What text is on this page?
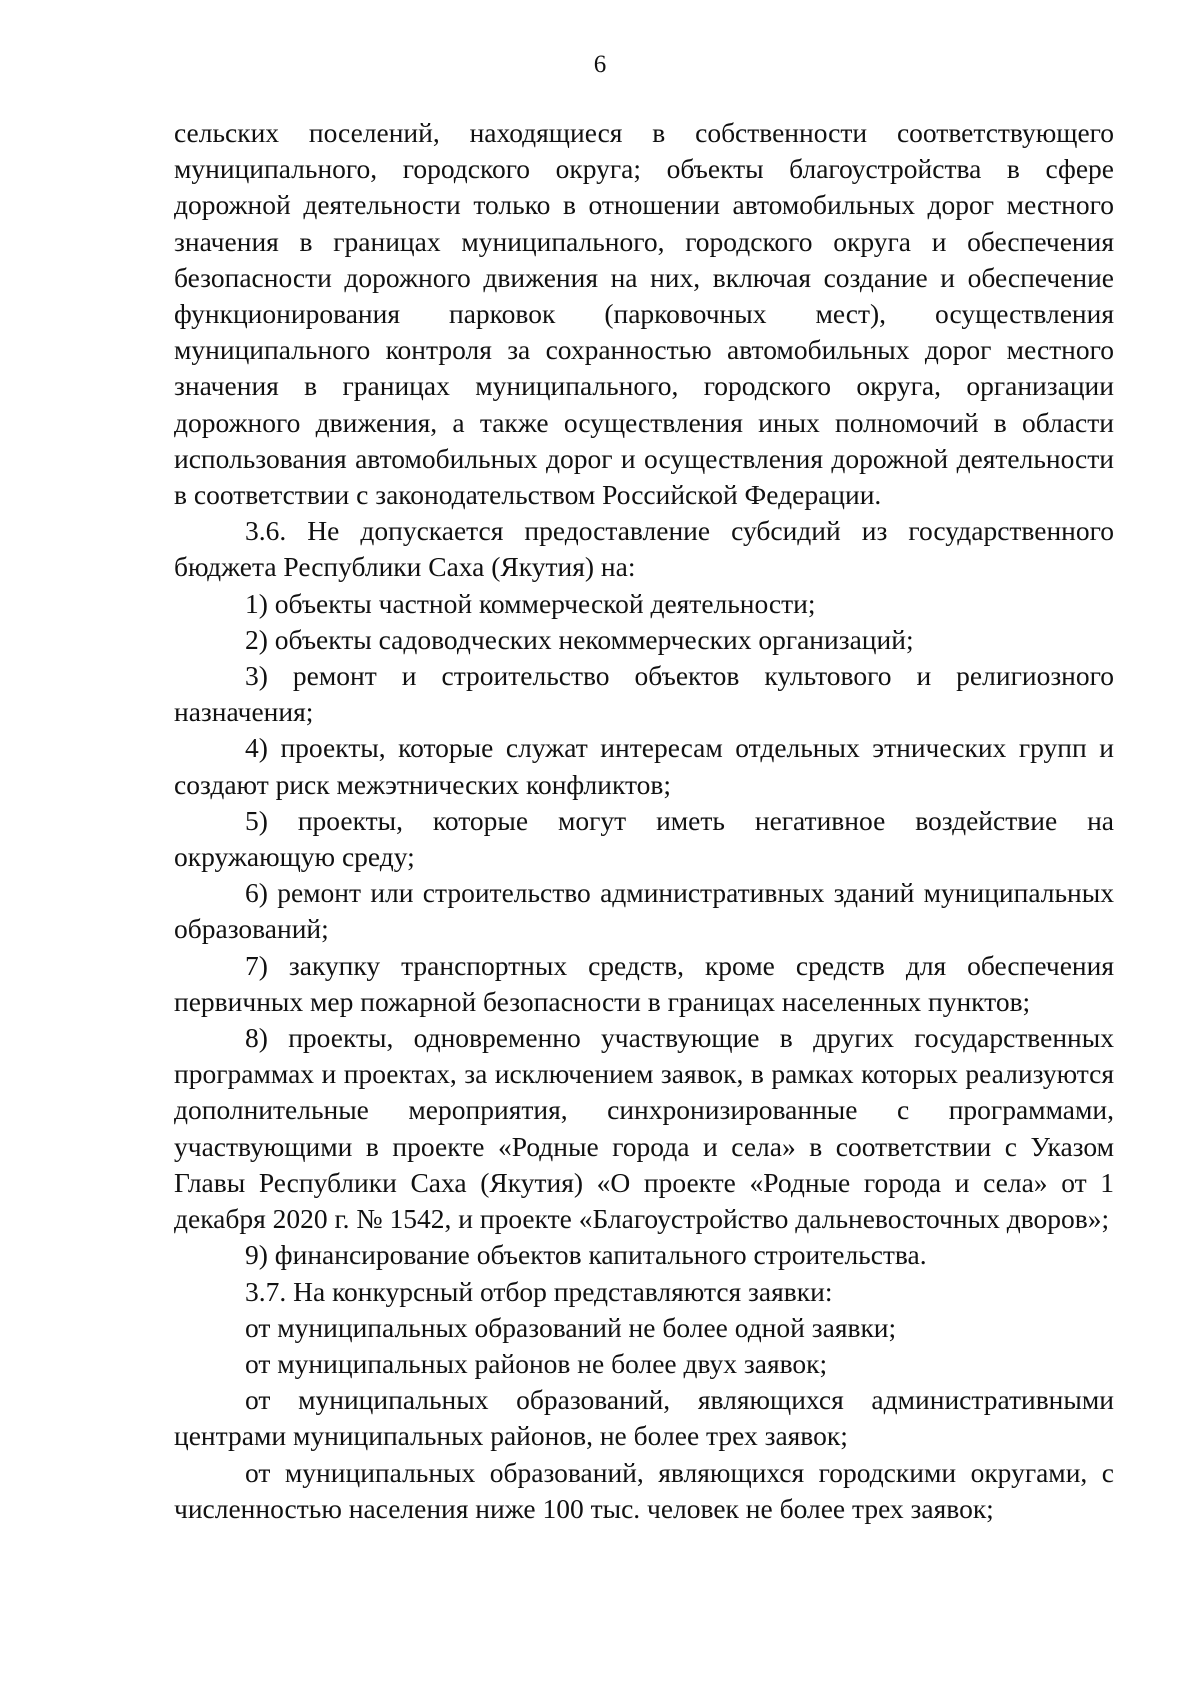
6

сельских поселений, находящиеся в собственности соответствующего муниципального, городского округа; объекты благоустройства в сфере дорожной деятельности только в отношении автомобильных дорог местного значения в границах муниципального, городского округа и обеспечения безопасности дорожного движения на них, включая создание и обеспечение функционирования парковок (парковочных мест), осуществления муниципального контроля за сохранностью автомобильных дорог местного значения в границах муниципального, городского округа, организации дорожного движения, а также осуществления иных полномочий в области использования автомобильных дорог и осуществления дорожной деятельности в соответствии с законодательством Российской Федерации.

3.6. Не допускается предоставление субсидий из государственного бюджета Республики Саха (Якутия) на:

1) объекты частной коммерческой деятельности;

2) объекты садоводческих некоммерческих организаций;

3) ремонт и строительство объектов культового и религиозного назначения;

4) проекты, которые служат интересам отдельных этнических групп и создают риск межэтнических конфликтов;

5) проекты, которые могут иметь негативное воздействие на окружающую среду;

6) ремонт или строительство административных зданий муниципальных образований;

7) закупку транспортных средств, кроме средств для обеспечения первичных мер пожарной безопасности в границах населенных пунктов;

8) проекты, одновременно участвующие в других государственных программах и проектах, за исключением заявок, в рамках которых реализуются дополнительные мероприятия, синхронизированные с программами, участвующими в проекте «Родные города и села» в соответствии с Указом Главы Республики Саха (Якутия) «О проекте «Родные города и села» от 1 декабря 2020 г. № 1542, и проекте «Благоустройство дальневосточных дворов»;

9) финансирование объектов капитального строительства.

3.7. На конкурсный отбор представляются заявки:

от муниципальных образований не более одной заявки;

от муниципальных районов не более двух заявок;

от муниципальных образований, являющихся административными центрами муниципальных районов, не более трех заявок;

от муниципальных образований, являющихся городскими округами, с численностью населения ниже 100 тыс. человек не более трех заявок;
